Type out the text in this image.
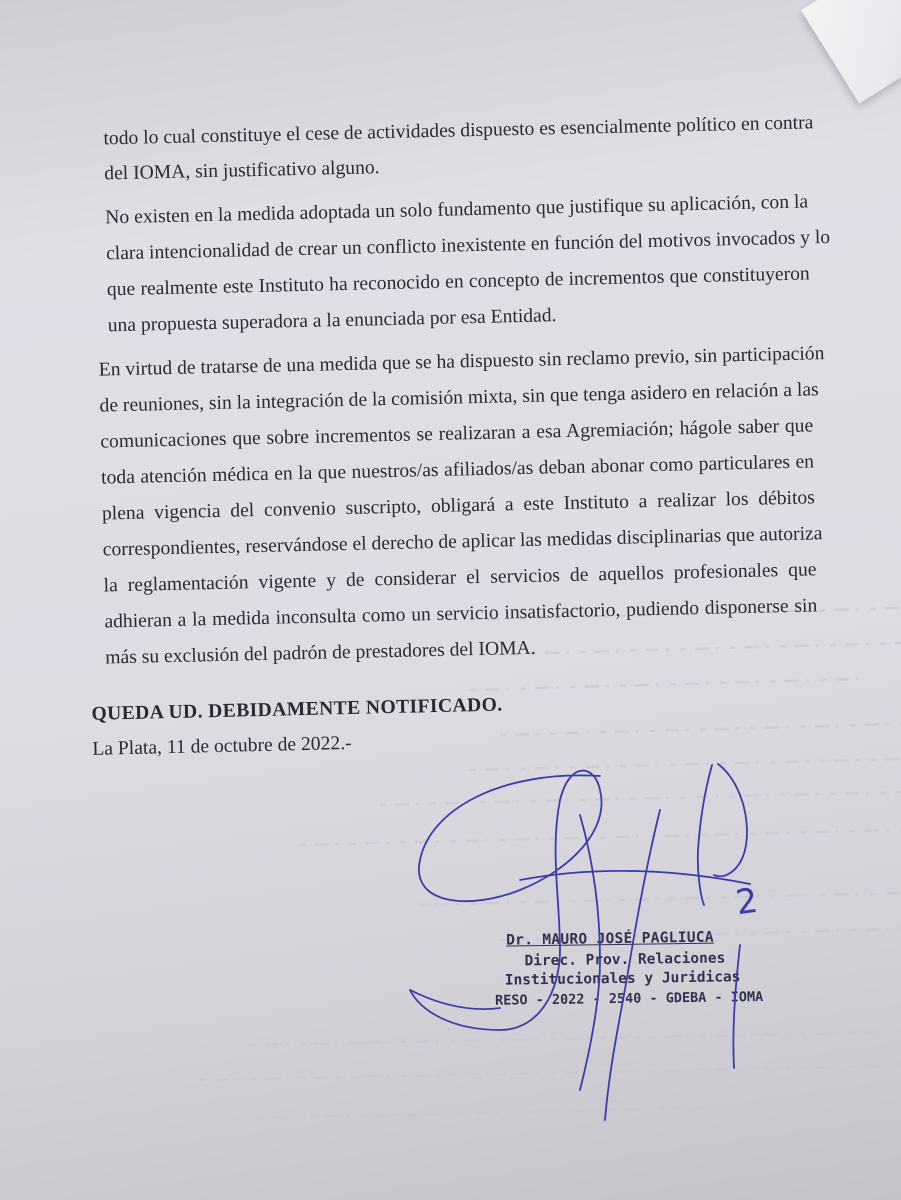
todo lo cual constituye el cese de actividades dispuesto es esencialmente político en contra
del IOMA, sin justificativo alguno.
No existen en la medida adoptada un solo fundamento que justifique su aplicación, con la
clara intencionalidad de crear un conflicto inexistente en función del motivos invocados y lo
que realmente este Instituto ha reconocido en concepto de incrementos que constituyeron
una propuesta superadora a la enunciada por esa Entidad.
En virtud de tratarse de una medida que se ha dispuesto sin reclamo previo, sin participación
de reuniones, sin la integración de la comisión mixta, sin que tenga asidero en relación a las
comunicaciones que sobre incrementos se realizaran a esa Agremiación; hágole saber que
toda atención médica en la que nuestros/as afiliados/as deban abonar como particulares en
plena vigencia del convenio suscripto, obligará a este Instituto a realizar los débitos
correspondientes, reservándose el derecho de aplicar las medidas disciplinarias que autoriza
la reglamentación vigente y de considerar el servicios de aquellos profesionales que
adhieran a la medida inconsulta como un servicio insatisfactorio, pudiendo disponerse sin
más su exclusión del padrón de prestadores del IOMA.
QUEDA UD. DEBIDAMENTE NOTIFICADO.
La Plata, 11 de octubre de 2022.-
Dr. MAURO JOSÉ PAGLIUCA
Direc. Prov. Relaciones
Institucionales y Juridicas
RESO - 2022 - 2540 - GDEBA - IOMA
2
